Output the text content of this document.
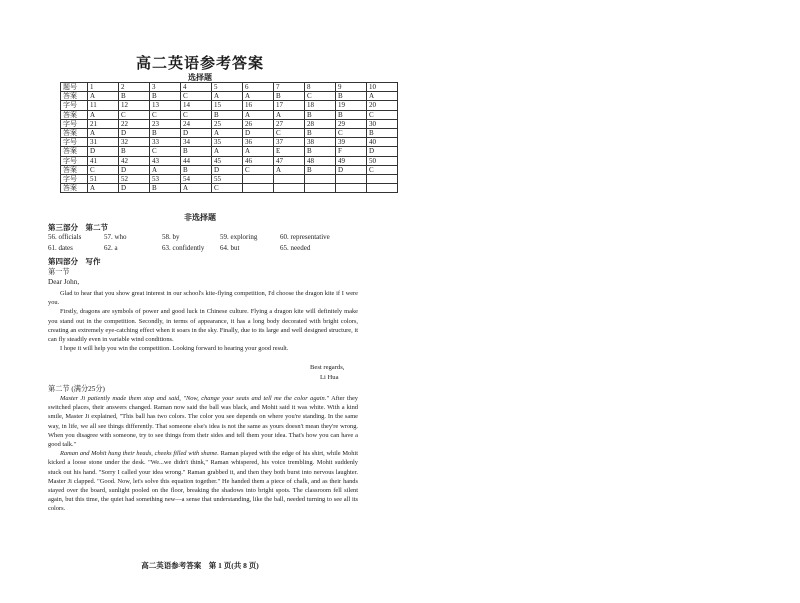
高二英语参考答案
选择题
题号	1	2	3	4	5	6	7	8	9	10
答案	A	B	B	C	A	A	B	C	B	A
字号	11	12	13	14	15	16	17	18	19	20
答案	A	C	C	C	B	A	A	B	B	C
字号	21	22	23	24	25	26	27	28	29	30
答案	A	D	B	D	A	D	C	B	C	B
字号	31	32	33	34	35	36	37	38	39	40
答案	D	B	C	B	A	A	E	B	F	D
字号	41	42	43	44	45	46	47	48	49	50
答案	C	D	A	B	D	C	A	B	D	C
字号	51	52	53	54	55					
答案	A	D	B	A	C					
非选择题
第三部分　第二节
56. officials	57. who	58. by	59. exploring	60. representative
61. dates	62. a	63. confidently 64. but	65. needed
第四部分　写作
第一节
Dear John,

Glad to hear that you show great interest in our school's kite-flying competition, I'd choose the dragon kite if I were you.

Firstly, dragons are symbols of power and good luck in Chinese culture. Flying a dragon kite will definitely make you stand out in the competition. Secondly, in terms of appearance, it has a long body decorated with bright colors, creating an extremely eye-catching effect when it soars in the sky. Finally, due to its large and well designed structure, it can fly steadily even in variable wind conditions.

I hope it will help you win the competition. Looking forward to hearing your good result.

Best regards,
Li Hua
第二节 (满分25分)

Master Ji patiently made them stop and said, "Now, change your seats and tell me the color again." After they switched places, their answers changed. Raman now said the ball was black, and Mohit said it was white. With a kind smile, Master Ji explained, "This ball has two colors. The color you see depends on where you're standing. In the same way, in life, we all see things differently. That someone else's idea is not the same as yours doesn't mean they're wrong. When you disagree with someone, try to see things from their sides and tell them your idea. That's how you can have a good talk."

Raman and Mohit hung their heads, cheeks filled with shame. Raman played with the edge of his shirt, while Mohit kicked a loose stone under the desk. "We...we didn't think," Raman whispered, his voice trembling. Mohit suddenly stuck out his hand. "Sorry I called your idea wrong." Raman grabbed it, and then they both burst into nervous laughter. Master Ji clapped. "Good. Now, let's solve this equation together." He handed them a piece of chalk, and as their hands stayed over the board, sunlight pooled on the floor, breaking the shadows into bright spots. The classroom fell silent again, but this time, the quiet had something new—a sense that understanding, like the ball, needed turning to see all its colors.

高二英语参考答案　第 1 页(共 8 页)
